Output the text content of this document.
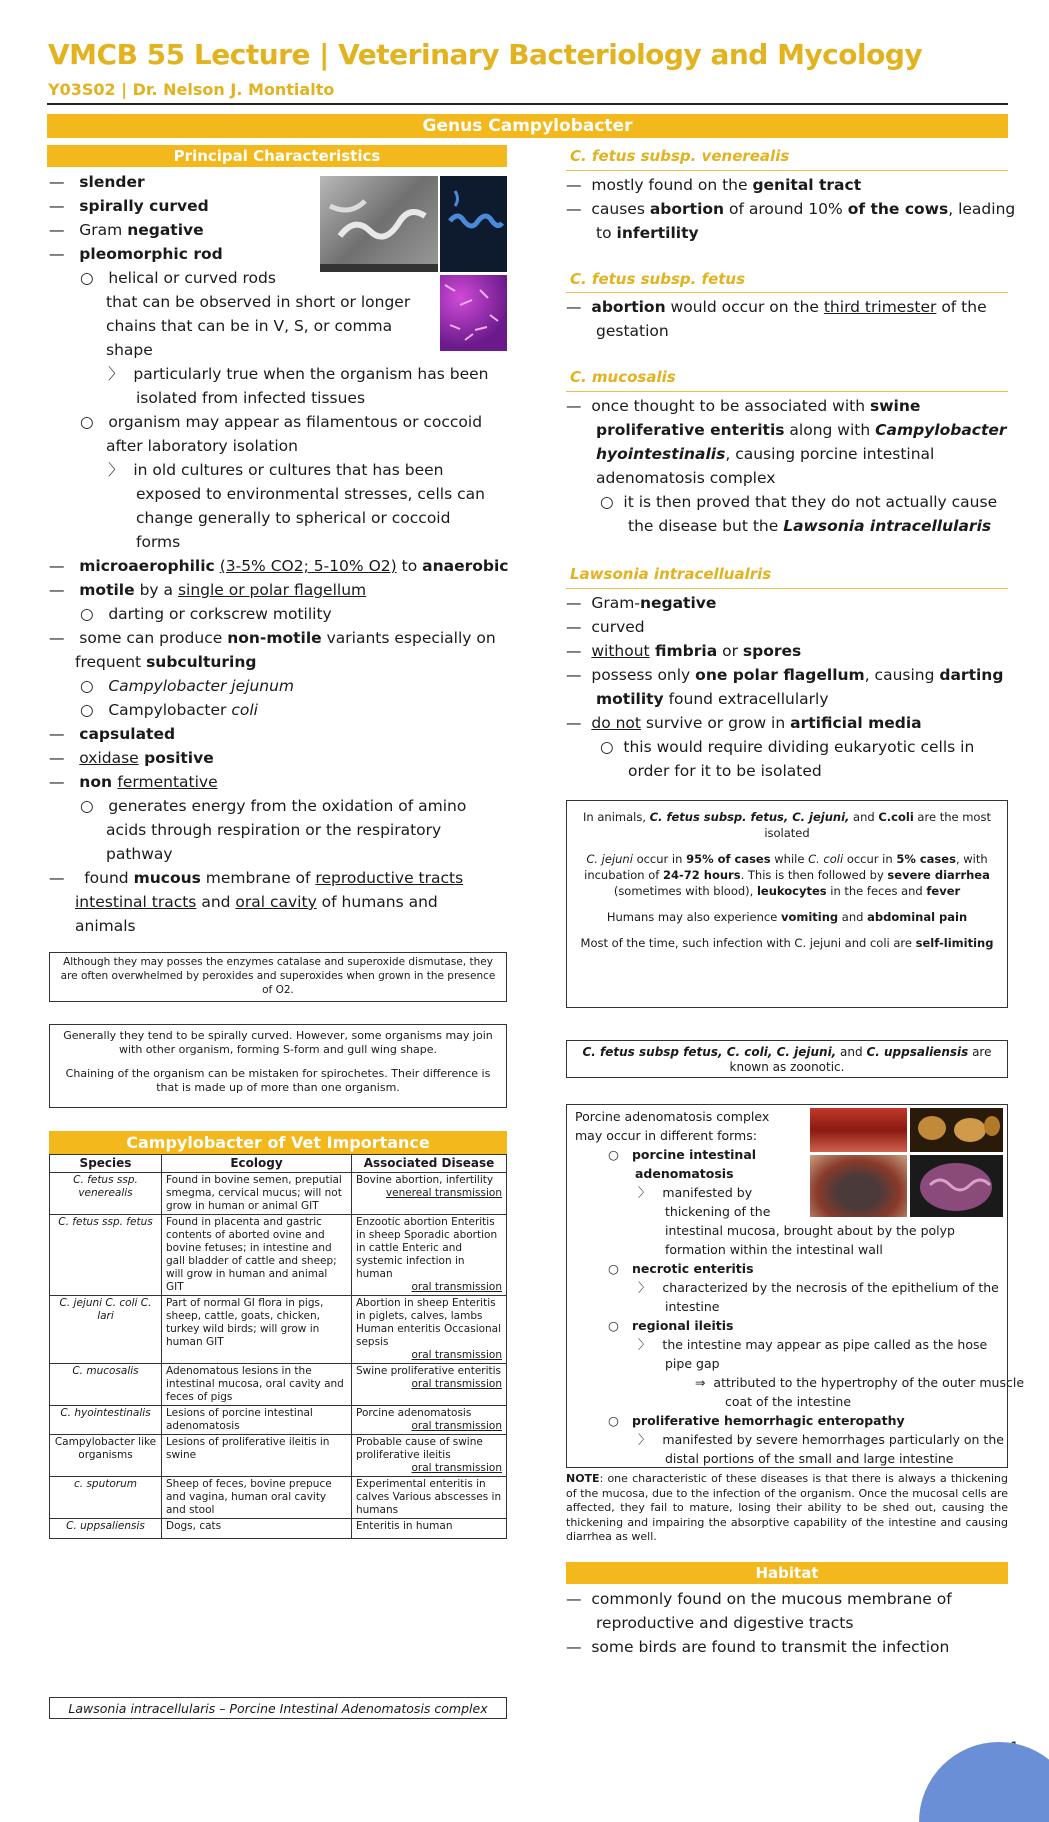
VMCB 55 Lecture | Veterinary Bacteriology and Mycology
Y03S02 | Dr. Nelson J. Montialto
Genus Campylobacter
Principal Characteristics
—   slender
—   spirally curved
—   Gram negative
—   pleomorphic rod
○   helical or curved rods
that can be observed in short or longer
chains that can be in V, S, or comma
shape
〉  particularly true when the organism has been
isolated from infected tissues
○   organism may appear as filamentous or coccoid
after laboratory isolation
〉  in old cultures or cultures that has been
exposed to environmental stresses, cells can
change generally to spherical or coccoid
forms
—   microaerophilic (3-5% CO2; 5-10% O2) to anaerobic
—   motile by a single or polar flagellum
○   darting or corkscrew motility
—   some can produce non-motile variants especially on
frequent subculturing
○   Campylobacter jejunum
○   Campylobacter coli
—   capsulated
—   oxidase positive
—   non fermentative
○   generates energy from the oxidation of amino
acids through respiration or the respiratory
pathway
—    found mucous membrane of reproductive tracts
intestinal tracts and oral cavity of humans and
animals
Although they may posses the enzymes catalase and superoxide dismutase, they are often overwhelmed by peroxides and superoxides when grown in the presence of O2.

Generally they tend to be spirally curved. However, some organisms may join with other organism, forming S-form and gull wing shape.

Chaining of the organism can be mistaken for spirochetes. Their difference is that is made up of more than one organism.

Campylobacter of Vet Importance
Species	Ecology	Associated Disease
C. fetus ssp. venerealis	Found in bovine semen, preputial smegma, cervical mucus; will not grow in human or animal GIT	Bovine abortion, infertility
venereal transmission

C. fetus ssp. fetus	Found in placenta and gastric contents of aborted ovine and bovine fetuses; in intestine and gall bladder of cattle and sheep; will grow in human and animal GIT	Enzootic abortion Enteritis in sheep Sporadic abortion in cattle Enteric and systemic infection in human
oral transmission

C. jejuni C. coli C. lari	Part of normal GI flora in pigs, sheep, cattle, goats, chicken, turkey wild birds; will grow in human GIT	Abortion in sheep Enteritis in piglets, calves, lambs Human enteritis Occasional sepsis
oral transmission

C. mucosalis	Adenomatous lesions in the intestinal mucosa, oral cavity and feces of pigs	Swine proliferative enteritis
oral transmission

C. hyointestinalis	Lesions of porcine intestinal adenomatosis	Porcine adenomatosis
oral transmission

Campylobacter like organisms	Lesions of proliferative ileitis in swine	Probable cause of swine proliferative ileitis
oral transmission

c. sputorum	Sheep of feces, bovine prepuce and vagina, human oral cavity and stool	Experimental enteritis in calves Various abscesses in humans

C. uppsaliensis	Dogs, cats	Enteritis in human
Lawsonia intracellularis – Porcine Intestinal Adenomatosis complex
C. fetus subsp. venerealis
—  mostly found on the genital tract
—  causes abortion of around 10% of the cows, leading
to infertility
C. fetus subsp. fetus
—  abortion would occur on the third trimester of the
gestation
C. mucosalis
—  once thought to be associated with swine
proliferative enteritis along with Campylobacter
hyointestinalis, causing porcine intestinal
adenomatosis complex
○  it is then proved that they do not actually cause
the disease but the Lawsonia intracellularis
Lawsonia intracellualris
—  Gram-negative
—  curved
—  without fimbria or spores
—  possess only one polar flagellum, causing darting
motility found extracellularly
—  do not survive or grow in artificial media
○  this would require dividing eukaryotic cells in
order for it to be isolated

In animals, C. fetus subsp. fetus, C. jejuni, and C.coli are the most isolated

C. jejuni occur in 95% of cases while C. coli occur in 5% cases, with incubation of 24-72 hours. This is then followed by severe diarrhea (sometimes with blood), leukocytes in the feces and fever

Humans may also experience vomiting and abdominal pain

Most of the time, such infection with C. jejuni and coli are self-limiting

C. fetus subsp fetus, C. coli, C. jejuni, and C. uppsaliensis are known as zoonotic.
Porcine adenomatosis complex
may occur in different forms:
○   porcine intestinal
adenomatosis
〉   manifested by
thickening of the
intestinal mucosa, brought about by the polyp
formation within the intestinal wall
○   necrotic enteritis
〉   characterized by the necrosis of the epithelium of the
intestine
○   regional ileitis
〉   the intestine may appear as pipe called as the hose
pipe gap
⇒  attributed to the hypertrophy of the outer muscle
coat of the intestine
○   proliferative hemorrhagic enteropathy
〉   manifested by severe hemorrhages particularly on the
distal portions of the small and large intestine
NOTE: one characteristic of these diseases is that there is always a thickening of the mucosa, due to the infection of the organism. Once the mucosal cells are affected, they fail to mature, losing their ability to be shed out, causing the thickening and impairing the absorptive capability of the intestine and causing diarrhea as well.
Habitat
—  commonly found on the mucous membrane of
reproductive and digestive tracts
—  some birds are found to transmit the infection
